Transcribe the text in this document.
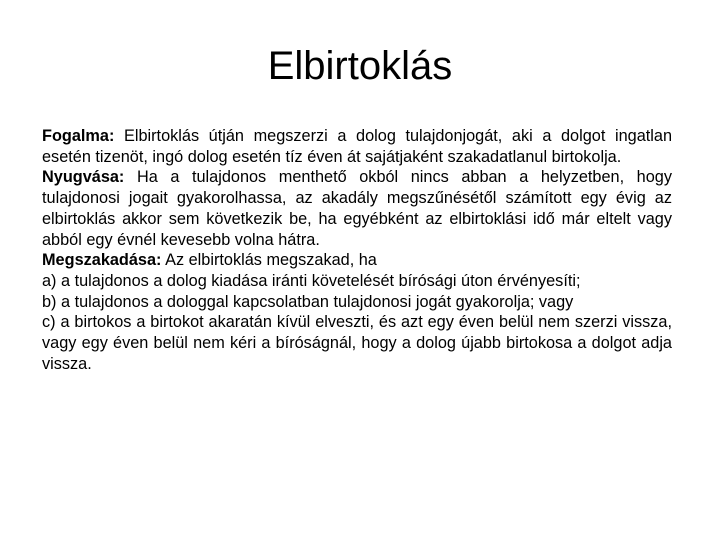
Elbirtoklás

Fogalma: Elbirtoklás útján megszerzi a dolog tulajdonjogát, aki a dolgot ingatlan esetén tizenöt, ingó dolog esetén tíz éven át sajátjaként szakadatlanul birtokolja.

Nyugvása: Ha a tulajdonos menthető okból nincs abban a helyzetben, hogy tulajdonosi jogait gyakorolhassa, az akadály megszűnésétől számított egy évig az elbirtoklás akkor sem következik be, ha egyébként az elbirtoklási idő már eltelt vagy abból egy évnél kevesebb volna hátra.

Megszakadása: Az elbirtoklás megszakad, ha

a) a tulajdonos a dolog kiadása iránti követelését bírósági úton érvényesíti;

b) a tulajdonos a dologgal kapcsolatban tulajdonosi jogát gyakorolja; vagy

c) a birtokos a birtokot akaratán kívül elveszti, és azt egy éven belül nem szerzi vissza, vagy egy éven belül nem kéri a bíróságnál, hogy a dolog újabb birtokosa a dolgot adja vissza.
